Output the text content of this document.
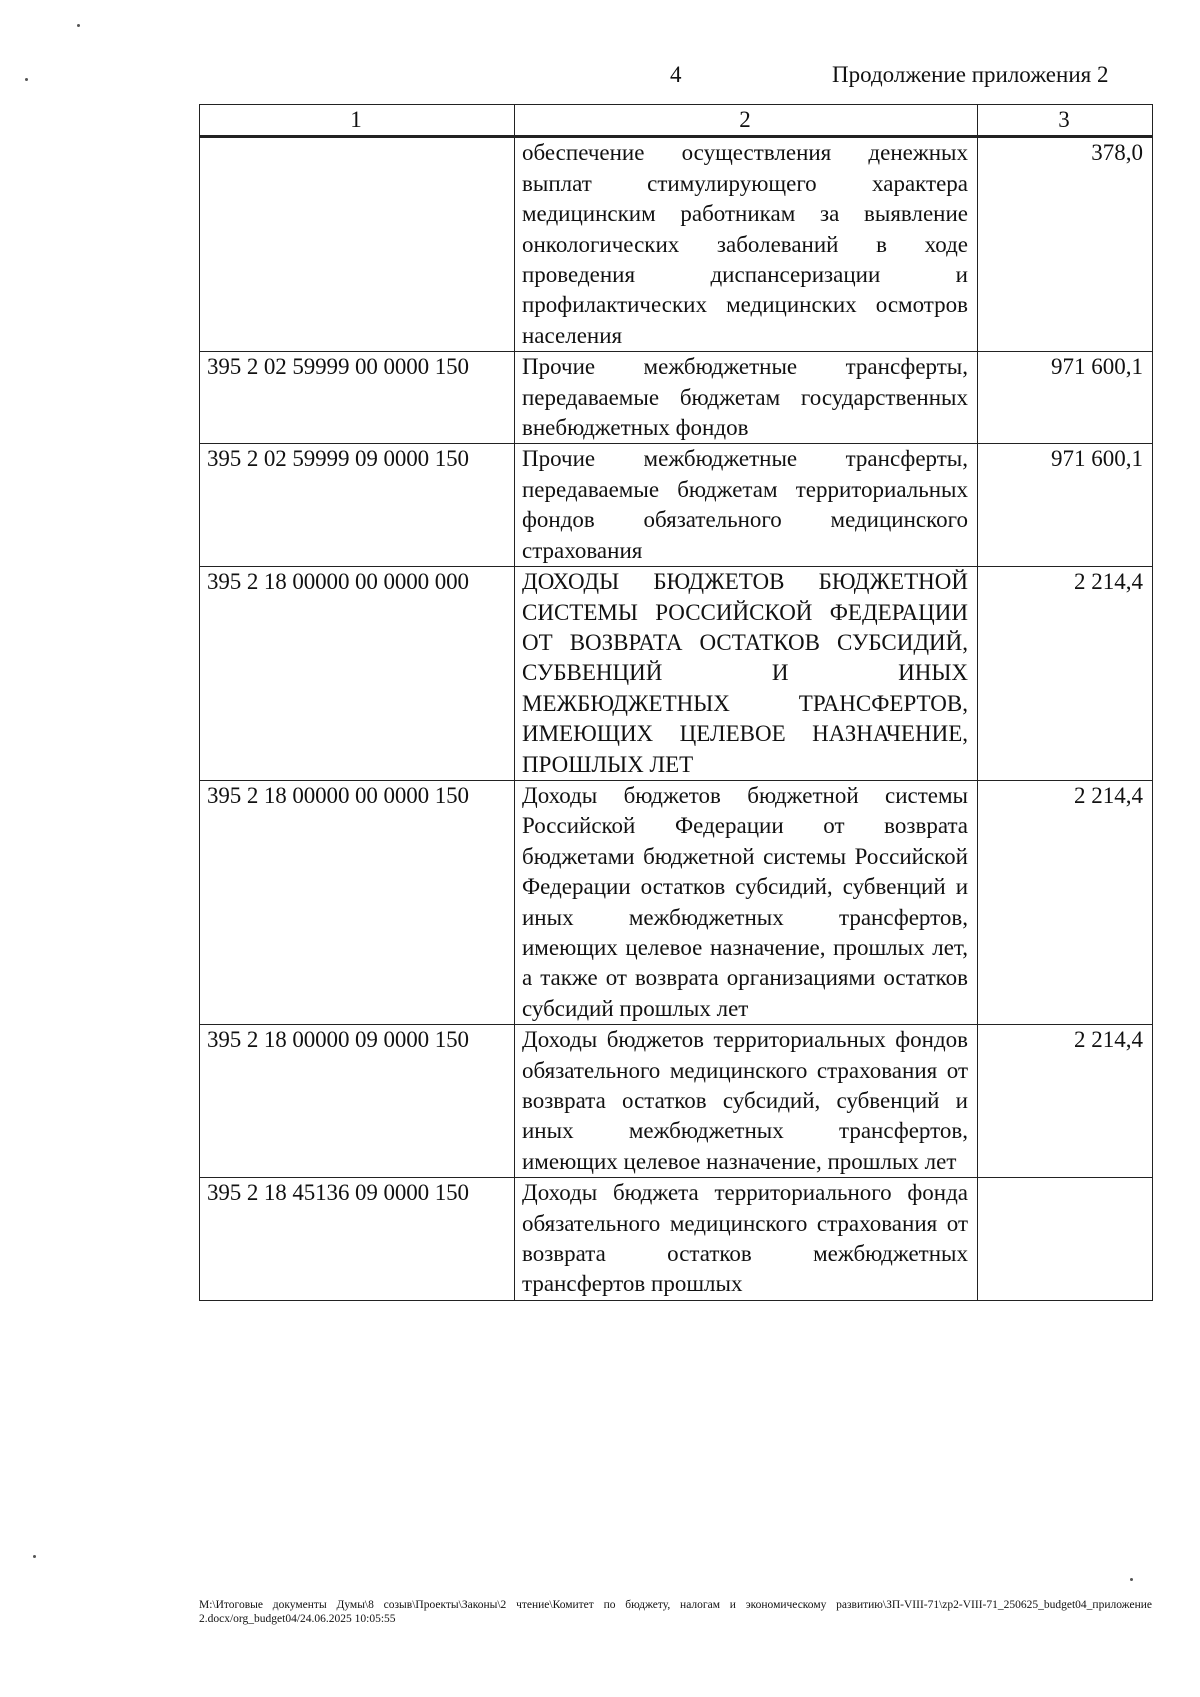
4	Продолжение приложения 2
1	2	3
	обеспечение осуществления денежных выплат стимулирующего характера медицинским работникам за выявление онкологических заболеваний в ходе проведения диспансеризации и профилактических медицинских осмотров населения	378,0
395 2 02 59999 00 0000 150	Прочие межбюджетные трансферты, передаваемые бюджетам государственных внебюджетных фондов	971 600,1
395 2 02 59999 09 0000 150	Прочие межбюджетные трансферты, передаваемые бюджетам территориальных фондов обязательного медицинского страхования	971 600,1
395 2 18 00000 00 0000 000	ДОХОДЫ БЮДЖЕТОВ БЮДЖЕТНОЙ СИСТЕМЫ РОССИЙСКОЙ ФЕДЕРАЦИИ ОТ ВОЗВРАТА ОСТАТКОВ СУБСИДИЙ, СУБВЕНЦИЙ И ИНЫХ МЕЖБЮДЖЕТНЫХ ТРАНСФЕРТОВ, ИМЕЮЩИХ ЦЕЛЕВОЕ НАЗНАЧЕНИЕ, ПРОШЛЫХ ЛЕТ	2 214,4
395 2 18 00000 00 0000 150	Доходы бюджетов бюджетной системы Российской Федерации от возврата бюджетами бюджетной системы Российской Федерации остатков субсидий, субвенций и иных межбюджетных трансфертов, имеющих целевое назначение, прошлых лет, а также от возврата организациями остатков субсидий прошлых лет	2 214,4
395 2 18 00000 09 0000 150	Доходы бюджетов территориальных фондов обязательного медицинского страхования от возврата остатков субсидий, субвенций и иных межбюджетных трансфертов, имеющих целевое назначение, прошлых лет	2 214,4
395 2 18 45136 09 0000 150	Доходы бюджета территориального фонда обязательного медицинского страхования от возврата остатков межбюджетных трансфертов прошлых	
M:\Итоговые документы Думы\8 созыв\Проекты\Законы\2 чтение\Комитет по бюджету, налогам и экономическому развитию\ЗП-VIII-71\zp2-VIII-71_250625_budget04_приложение 2.docx/org_budget04/24.06.2025 10:05:55
